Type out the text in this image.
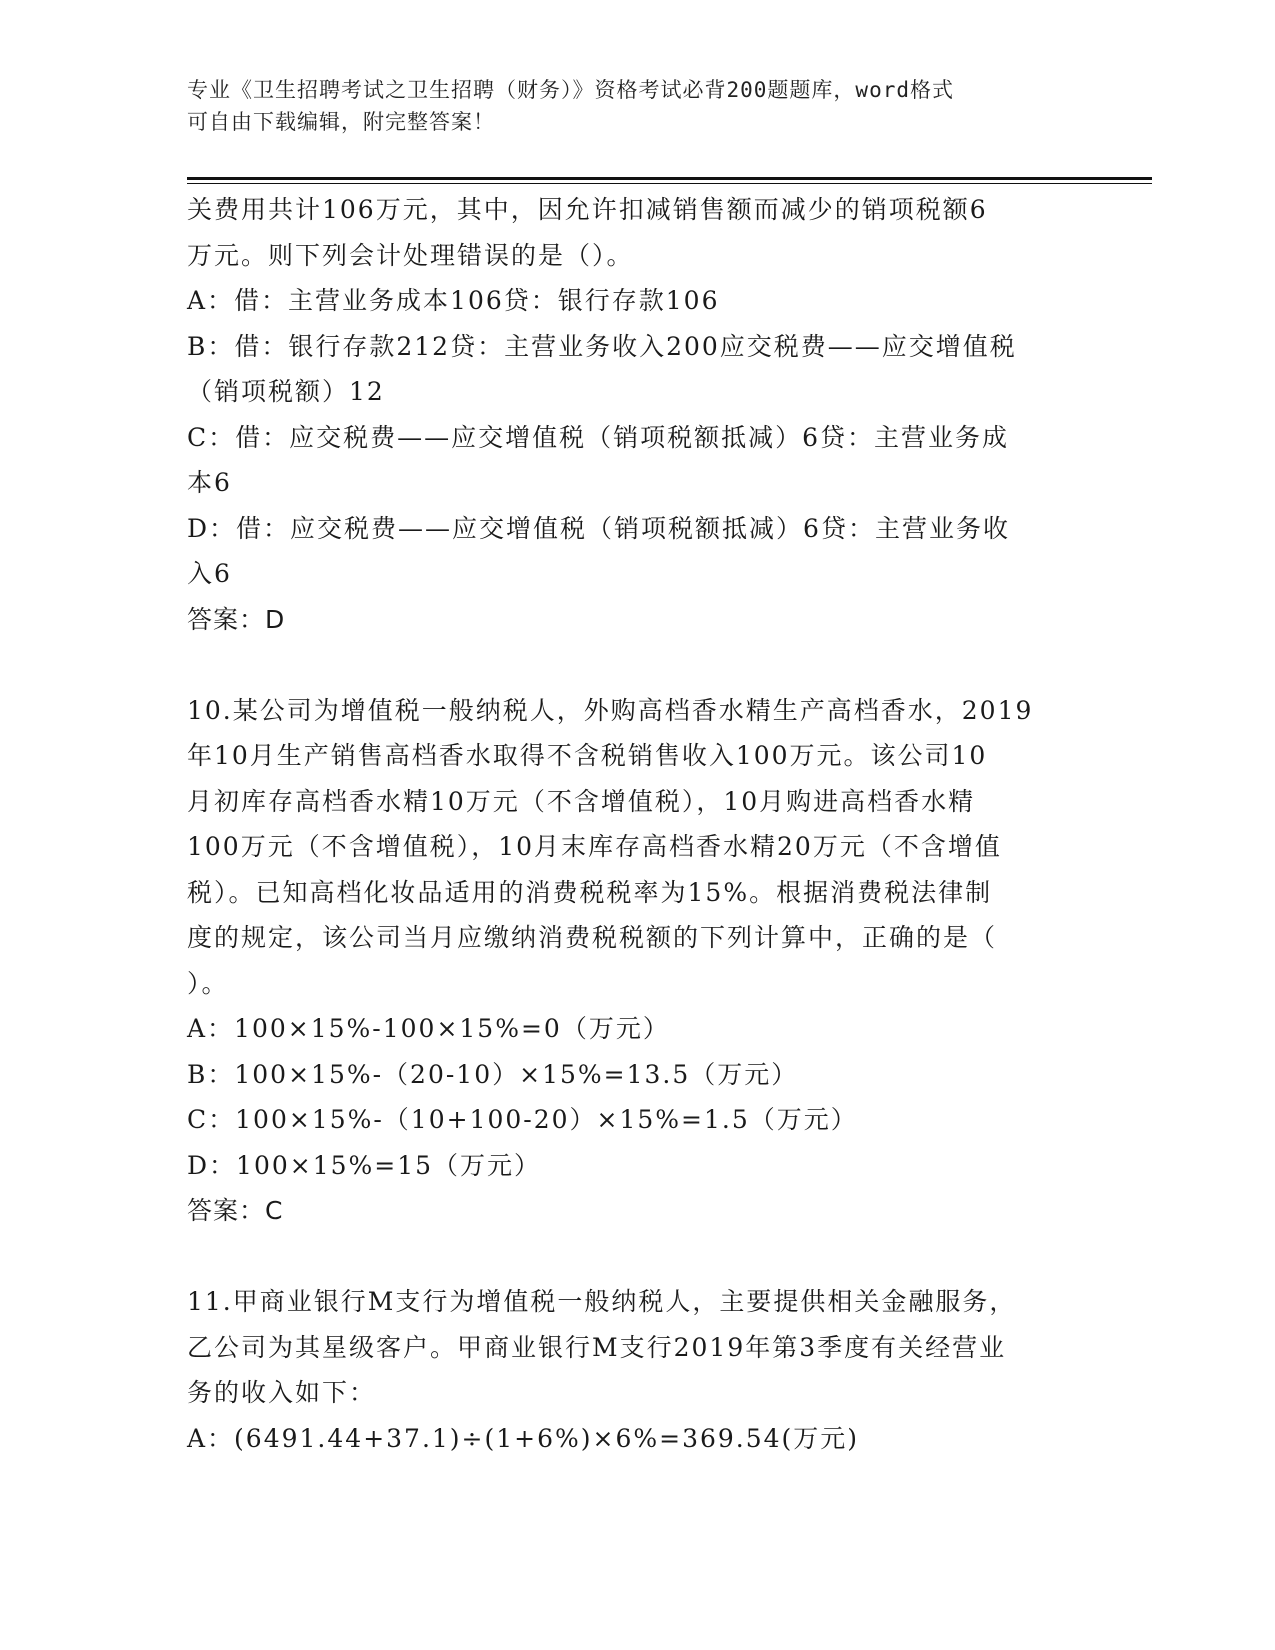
专业《卫生招聘考试之卫生招聘（财务）》资格考试必背200题题库，word格式
可自由下载编辑，附完整答案！
关费用共计106万元，其中，因允许扣减销售额而减少的销项税额6
万元。则下列会计处理错误的是（）。
A：借：主营业务成本106贷：银行存款106
B：借：银行存款212贷：主营业务收入200应交税费——应交增值税
（销项税额）12
C：借：应交税费——应交增值税（销项税额抵减）6贷：主营业务成
本6
D：借：应交税费——应交增值税（销项税额抵减）6贷：主营业务收
入6
答案：D
10.某公司为增值税一般纳税人，外购高档香水精生产高档香水，2019
年10月生产销售高档香水取得不含税销售收入100万元。该公司10
月初库存高档香水精10万元（不含增值税），10月购进高档香水精
100万元（不含增值税），10月末库存高档香水精20万元（不含增值
税）。已知高档化妆品适用的消费税税率为15%。根据消费税法律制
度的规定，该公司当月应缴纳消费税税额的下列计算中，正确的是（
）。
A：100×15%-100×15%=0（万元）
B：100×15%-（20-10）×15%=13.5（万元）
C：100×15%-（10+100-20）×15%=1.5（万元）
D：100×15%=15（万元）
答案：C
11.甲商业银行M支行为增值税一般纳税人，主要提供相关金融服务，
乙公司为其星级客户。甲商业银行M支行2019年第3季度有关经营业
务的收入如下：
A：(6491.44+37.1)÷(1+6%)×6%=369.54(万元)
